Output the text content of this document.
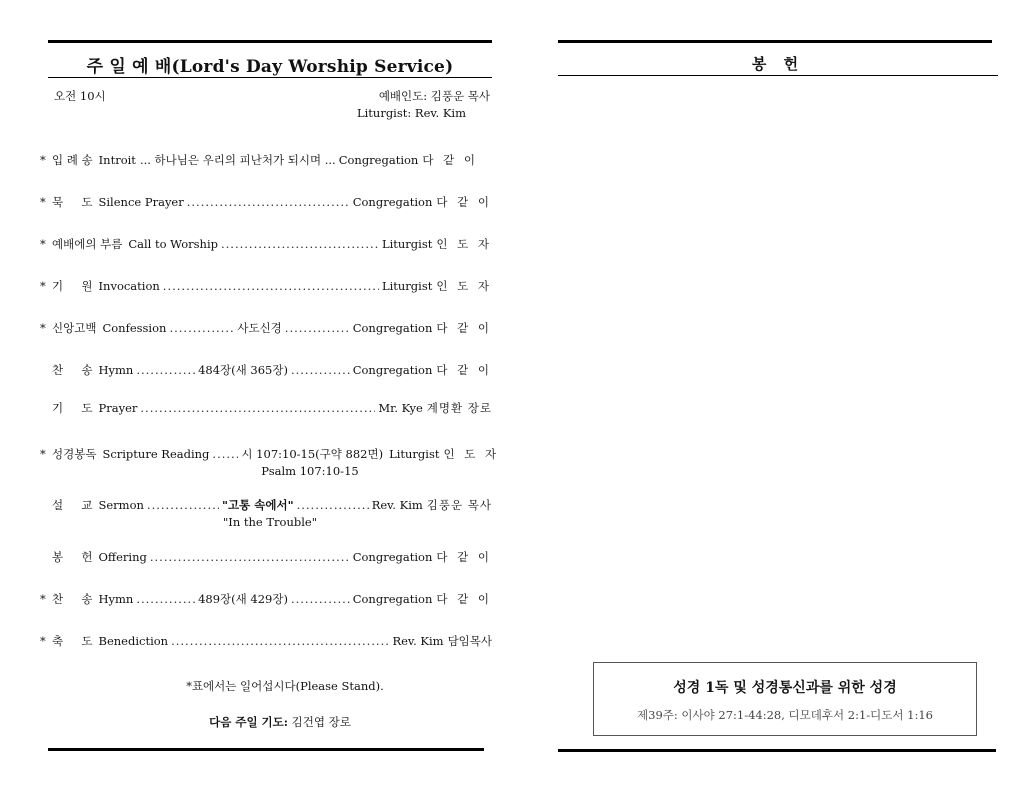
주 일 예 배(Lord's Day Worship Service)
오전 10시	예배인도: 김풍운 목사
Liturgist: Rev. Kim
* 입 례 송 Introit ... 하나님은 우리의 피난처가 되시며 ... Congregation 다 같 이
* 묵     도 Silence Prayer .....	Congregation 다 같 이
* 예배에의 부름 Call to Worship .....	Liturgist 인 도 자
* 기     원 Invocation .....	Liturgist 인 도 자
* 신앙고백 Confession .....	사도신경 .....	Congregation 다 같 이
찬     송 Hymn .....	484장(새 365장) .....	Congregation 다 같 이
기     도 Prayer .....	Mr. Kye 계명환 장로
* 성경봉독 Scripture Reading .....	시 107:10-15(구약 882면) Liturgist 인 도 자
Psalm 107:10-15
설     교 Sermon .....	"고통 속에서" .....	Rev. Kim 김풍운 목사
"In the Trouble"
봉     헌 Offering .....	Congregation 다 같 이
* 찬     송 Hymn .....	489장(새 429장) .....	Congregation 다 같 이
* 축     도 Benediction .....	Rev. Kim 담임목사
*표에서는 일어섭시다(Please Stand).
다음 주일 기도: 김건엽 장로
봉 헌
성경 1독 및 성경통신과를 위한 성경
제39주: 이사야 27:1-44:28, 디모데후서 2:1-디도서 1:16
